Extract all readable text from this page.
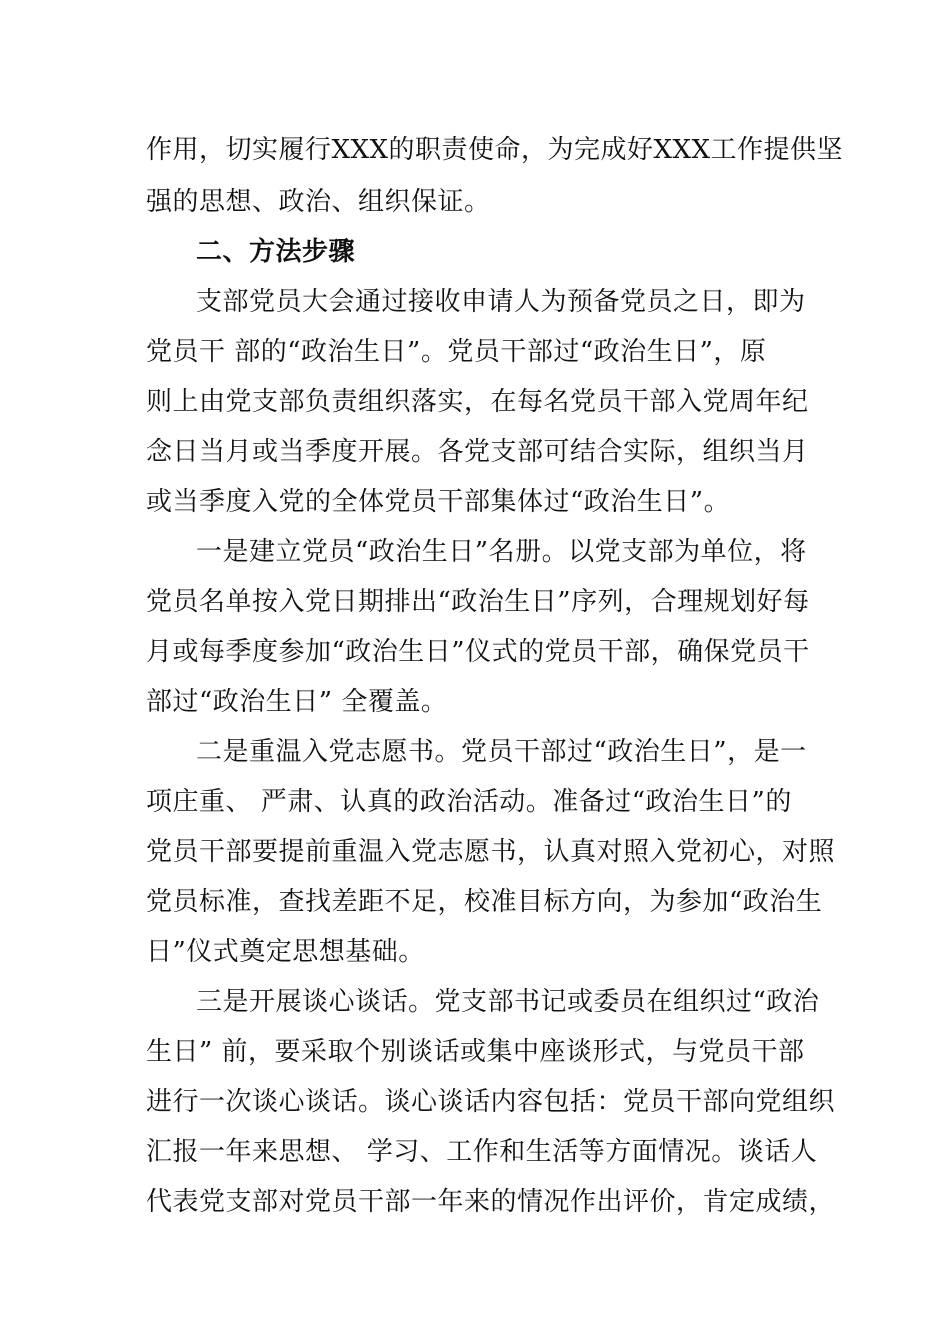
作用，切实履行XXX的职责使命，为完成好XXX工作提供坚
强的思想、政治、组织保证。
二、方法步骤
支部党员大会通过接收申请人为预备党员之日，即为
党员干 部的“政治生日”。党员干部过“政治生日”，原
则上由党支部负责组织落实，在每名党员干部入党周年纪
念日当月或当季度开展。各党支部可结合实际，组织当月
或当季度入党的全体党员干部集体过“政治生日”。
一是建立党员“政治生日”名册。以党支部为单位，将
党员名单按入党日期排出“政治生日”序列，合理规划好每
月或每季度参加“政治生日”仪式的党员干部，确保党员干
部过“政治生日” 全覆盖。
二是重温入党志愿书。党员干部过“政治生日”，是一
项庄重、 严肃、认真的政治活动。准备过“政治生日”的
党员干部要提前重温入党志愿书，认真对照入党初心，对照
党员标准，查找差距不足，校准目标方向，为参加“政治生
日”仪式奠定思想基础。
三是开展谈心谈话。党支部书记或委员在组织过“政治
生日” 前，要采取个别谈话或集中座谈形式，与党员干部
进行一次谈心谈话。谈心谈话内容包括：党员干部向党组织
汇报一年来思想、 学习、工作和生活等方面情况。谈话人
代表党支部对党员干部一年来的情况作出评价，肯定成绩，
